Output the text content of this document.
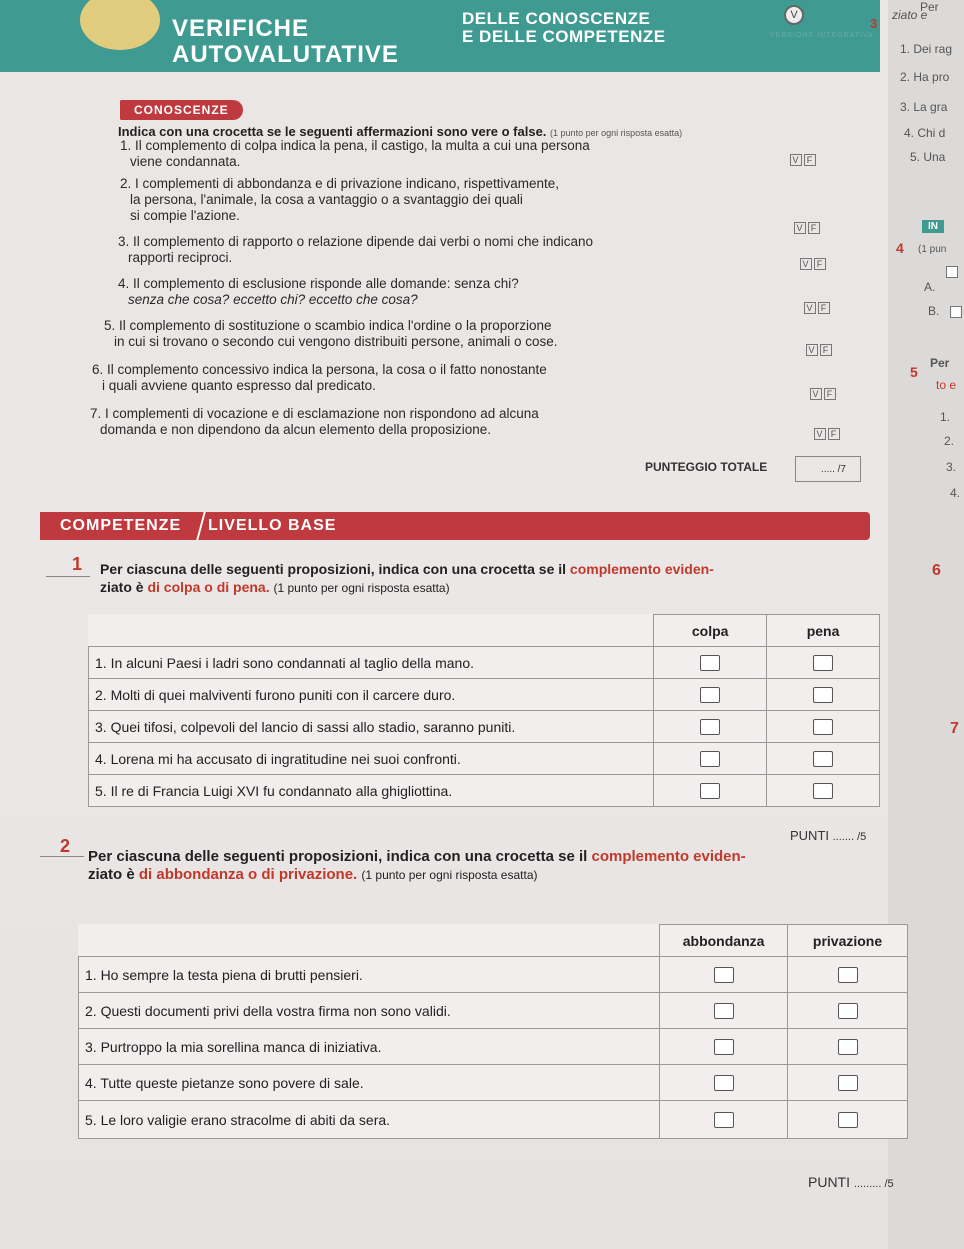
VERIFICHE
AUTOVALUTATIVE
DELLE CONOSCENZE
E DELLE COMPETENZE
V
VERSIONE INTEGRATIVA
3
Per
ziato e
1. Dei rag
2. Ha pro
3. La gra
4. Chi d
5. Una
IN
4 (1 pun
A.
B.
5
Per
to e
1.
2.
3.
4.
6
7
CONOSCENZE
Indica con una crocetta se le seguenti affermazioni sono vere o false. (1 punto per ogni risposta esatta)
1. Il complemento di colpa indica la pena, il castigo, la multa a cui una persona
viene condannata.	V F
2. I complementi di abbondanza e di privazione indicano, rispettivamente,
la persona, l'animale, la cosa a vantaggio o a svantaggio dei quali
si compie l'azione.
V F
3. Il complemento di rapporto o relazione dipende dai verbi o nomi che indicano
rapporti reciproci.	V F
4. Il complemento di esclusione risponde alle domande: senza chi?
senza che cosa? eccetto chi? eccetto che cosa?
V F
5. Il complemento di sostituzione o scambio indica l'ordine o la proporzione
in cui si trovano o secondo cui vengono distribuiti persone, animali o cose.
V F
6. Il complemento concessivo indica la persona, la cosa o il fatto nonostante
i quali avviene quanto espresso dal predicato.
V F
7. I complementi di vocazione e di esclamazione non rispondono ad alcuna
domanda e non dipendono da alcun elemento della proposizione.	V F
PUNTEGGIO TOTALE	..... /7
COMPETENZE LIVELLO BASE
1 Per ciascuna delle seguenti proposizioni, indica con una crocetta se il complemento eviden-
ziato è di colpa o di pena. (1 punto per ogni risposta esatta)
	colpa	pena
1. In alcuni Paesi i ladri sono condannati al taglio della mano.		
2. Molti di quei malviventi furono puniti con il carcere duro.		
3. Quei tifosi, colpevoli del lancio di sassi allo stadio, saranno puniti.		
4. Lorena mi ha accusato di ingratitudine nei suoi confronti.		
5. Il re di Francia Luigi XVI fu condannato alla ghigliottina.		
PUNTI ....... /5
2
Per ciascuna delle seguenti proposizioni, indica con una crocetta se il complemento eviden-
ziato è di abbondanza o di privazione. (1 punto per ogni risposta esatta)
	abbondanza	privazione
1. Ho sempre la testa piena di brutti pensieri.		
2. Questi documenti privi della vostra firma non sono validi.		
3. Purtroppo la mia sorellina manca di iniziativa.		
4. Tutte queste pietanze sono povere di sale.		
5. Le loro valigie erano stracolme di abiti da sera.		
PUNTI ......... /5
